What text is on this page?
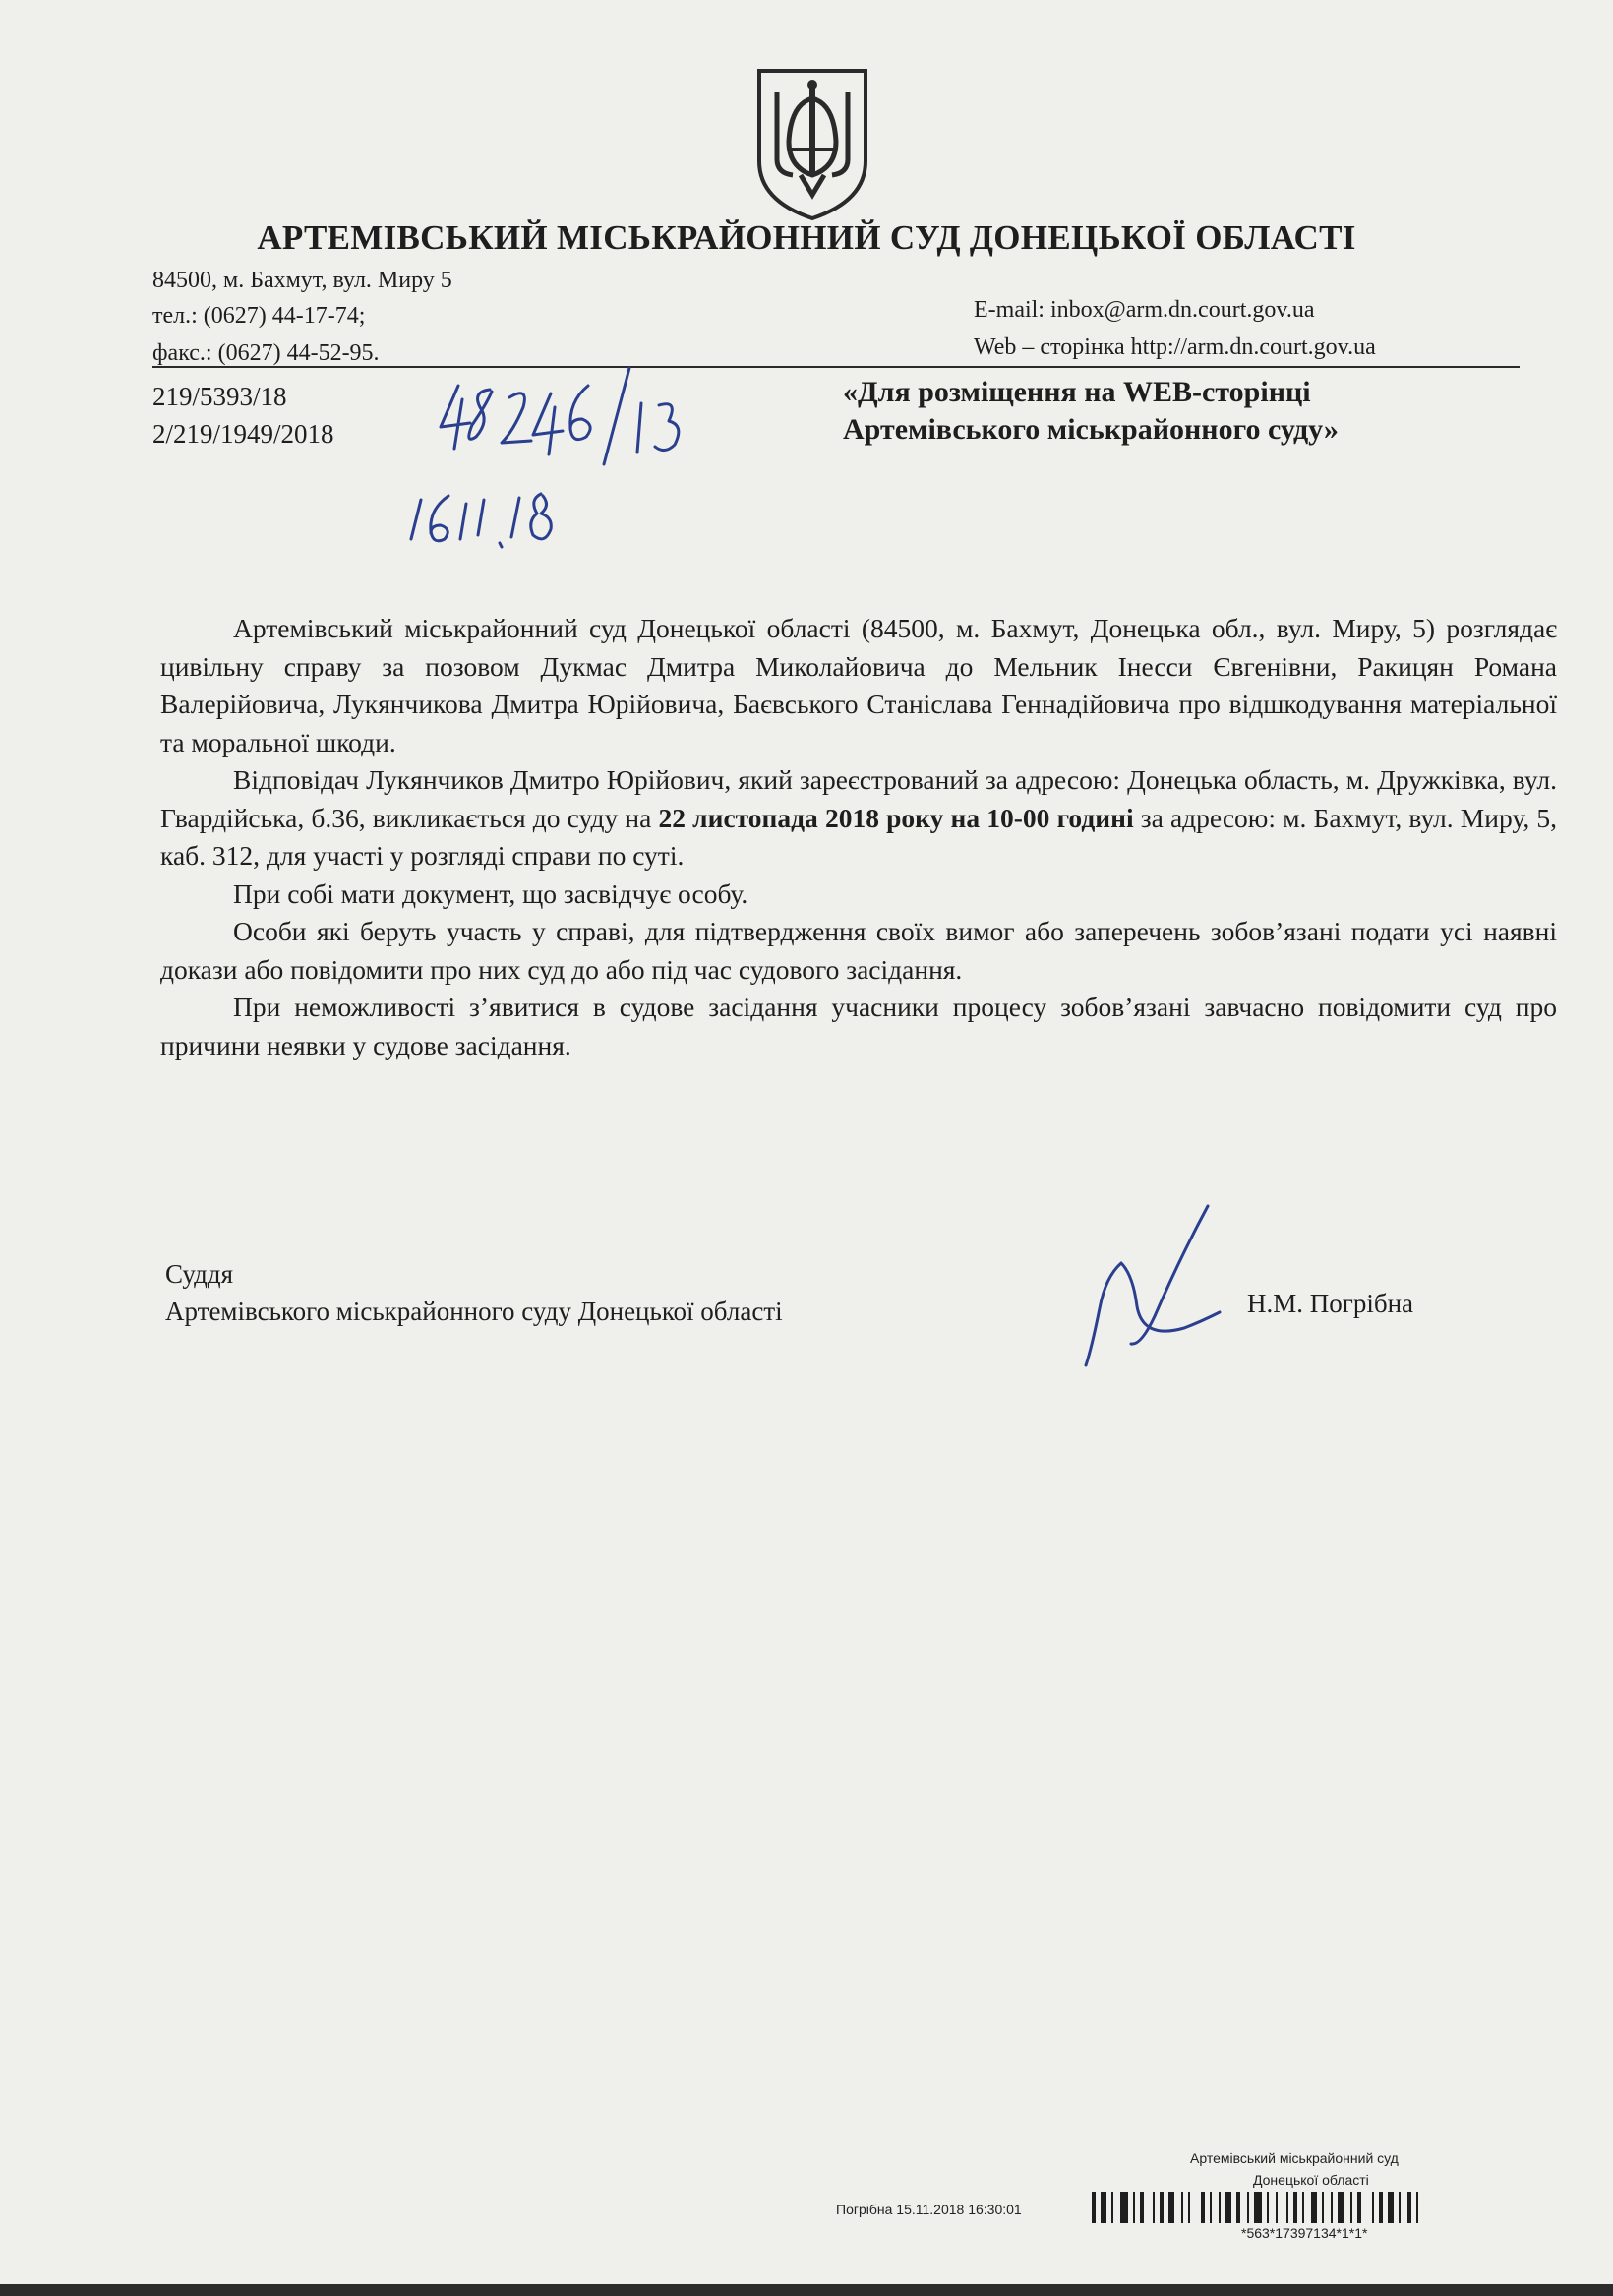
АРТЕМІВСЬКИЙ МІСЬКРАЙОННИЙ СУД ДОНЕЦЬКОЇ ОБЛАСТІ
84500, м. Бахмут, вул. Миру 5
тел.: (0627) 44-17-74;
факс.: (0627) 44-52-95.
E-mail: inbox@arm.dn.court.gov.ua
Web – сторінка http://arm.dn.court.gov.ua
219/5393/18
2/219/1949/2018
«Для розміщення на WEB-сторінці
Артемівського міськрайонного суду»

Артемівський міськрайонний суд Донецької області (84500, м. Бахмут, Донецька обл., вул. Миру, 5) розглядає цивільну справу за позовом Дукмас Дмитра Миколайовича до Мельник Інесси Євгенівни, Ракицян Романа Валерійовича, Лукянчикова Дмитра Юрійовича, Баєвського Станіслава Геннадійовича про відшкодування матеріальної та моральної шкоди.

Відповідач Лукянчиков Дмитро Юрійович, який зареєстрований за адресою: Донецька область, м. Дружківка, вул. Гвардійська, б.36, викликається до суду на 22 листопада 2018 року на 10-00 годині за адресою: м. Бахмут, вул. Миру, 5, каб. 312, для участі у розгляді справи по суті.

При собі мати документ, що засвідчує особу.

Особи які беруть участь у справі, для підтвердження своїх вимог або заперечень зобов’язані подати усі наявні докази або повідомити про них суд до або під час судового засідання.

При неможливості з’явитися в судове засідання учасники процесу зобов’язані завчасно повідомити суд про причини неявки у судове засідання.

Суддя
Артемівського міськрайонного суду Донецької області	Н.М. Погрібна
Артемівський міськрайонний суд
Донецької області
Погрібна 15.11.2018 16:30:01
*563*17397134*1*1*
